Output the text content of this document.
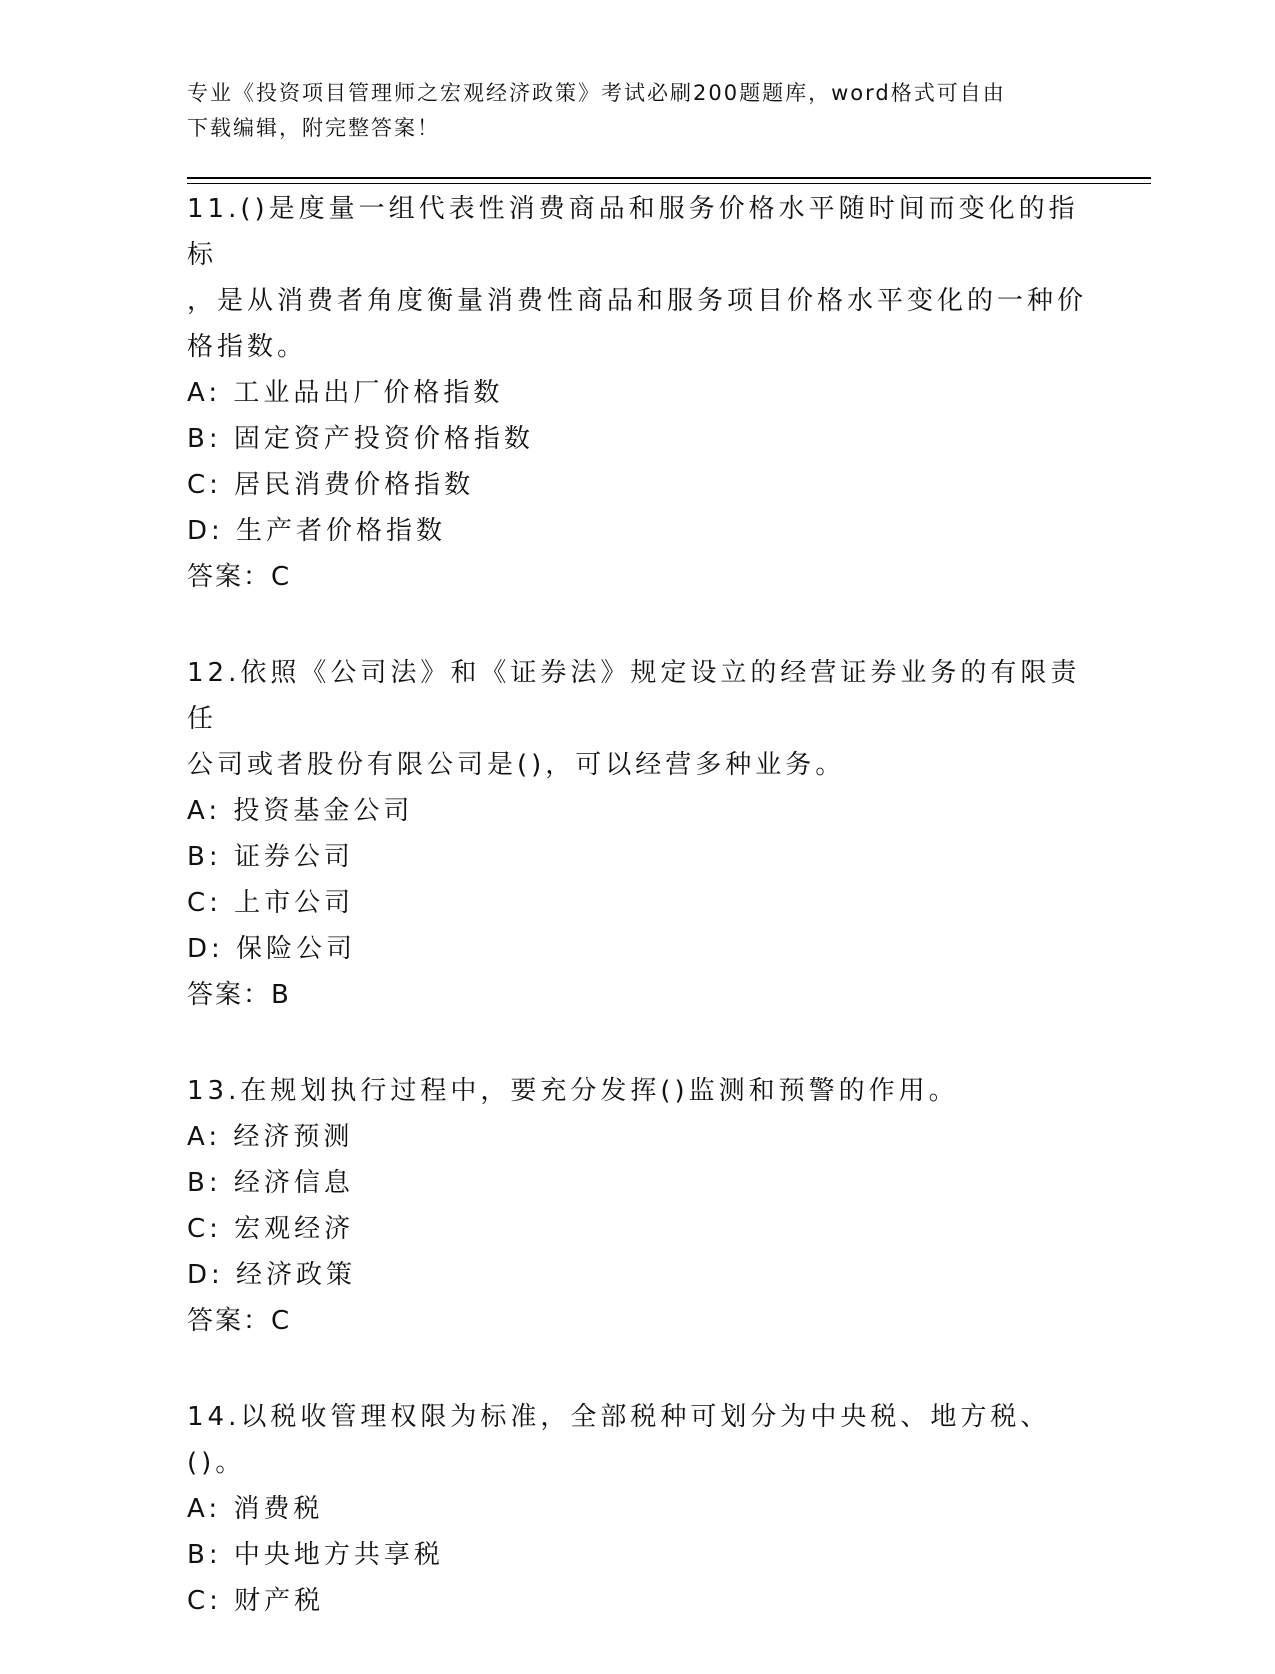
专业《投资项目管理师之宏观经济政策》考试必刷200题题库，word格式可自由
下载编辑，附完整答案！
11.()是度量一组代表性消费商品和服务价格水平随时间而变化的指标
，是从消费者角度衡量消费性商品和服务项目价格水平变化的一种价
格指数。
A: 工业品出厂价格指数
B: 固定资产投资价格指数
C: 居民消费价格指数
D: 生产者价格指数
答案：C
12.依照《公司法》和《证券法》规定设立的经营证券业务的有限责任
公司或者股份有限公司是()，可以经营多种业务。
A: 投资基金公司
B: 证券公司
C: 上市公司
D: 保险公司
答案：B
13.在规划执行过程中，要充分发挥()监测和预警的作用。
A: 经济预测
B: 经济信息
C: 宏观经济
D: 经济政策
答案：C
14.以税收管理权限为标准，全部税种可划分为中央税、地方税、()。
A: 消费税
B: 中央地方共享税
C: 财产税
